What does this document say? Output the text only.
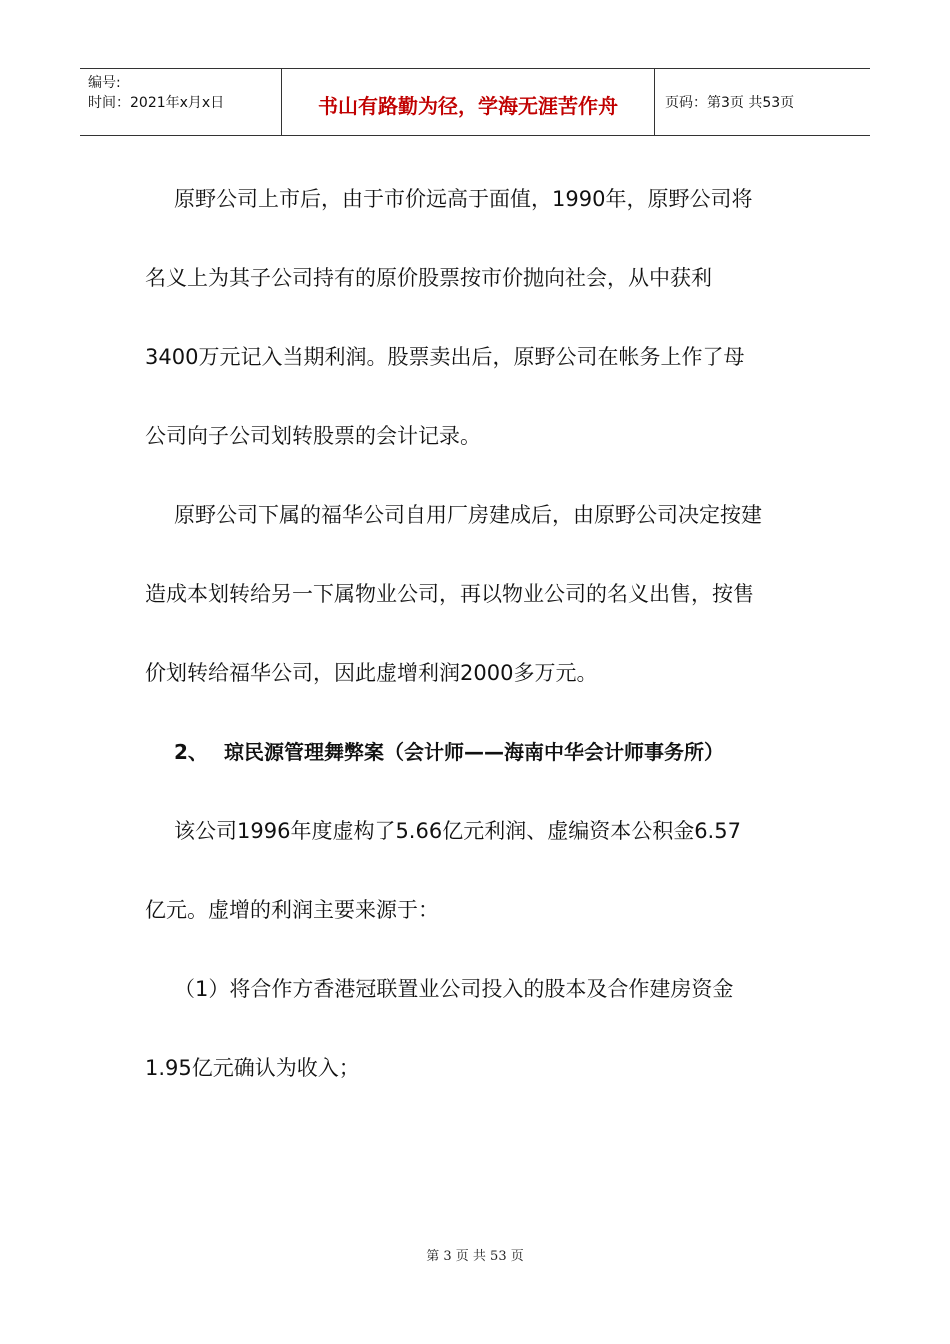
编号:
时间：2021年x月x日	书山有路勤为径，学海无涯苦作舟	页码：第3页 共53页

原野公司上市后，由于市价远高于面值，1990年，原野公司将

名义上为其子公司持有的原价股票按市价抛向社会，从中获利

3400万元记入当期利润。股票卖出后，原野公司在帐务上作了母

公司向子公司划转股票的会计记录。

原野公司下属的福华公司自用厂房建成后，由原野公司决定按建

造成本划转给另一下属物业公司，再以物业公司的名义出售，按售

价划转给福华公司，因此虚增利润2000多万元。

2、 琼民源管理舞弊案（会计师——海南中华会计师事务所）

该公司1996年度虚构了5.66亿元利润、虚编资本公积金6.57

亿元。虚增的利润主要来源于：

（1）将合作方香港冠联置业公司投入的股本及合作建房资金

1.95亿元确认为收入；

第 3 页 共 53 页
